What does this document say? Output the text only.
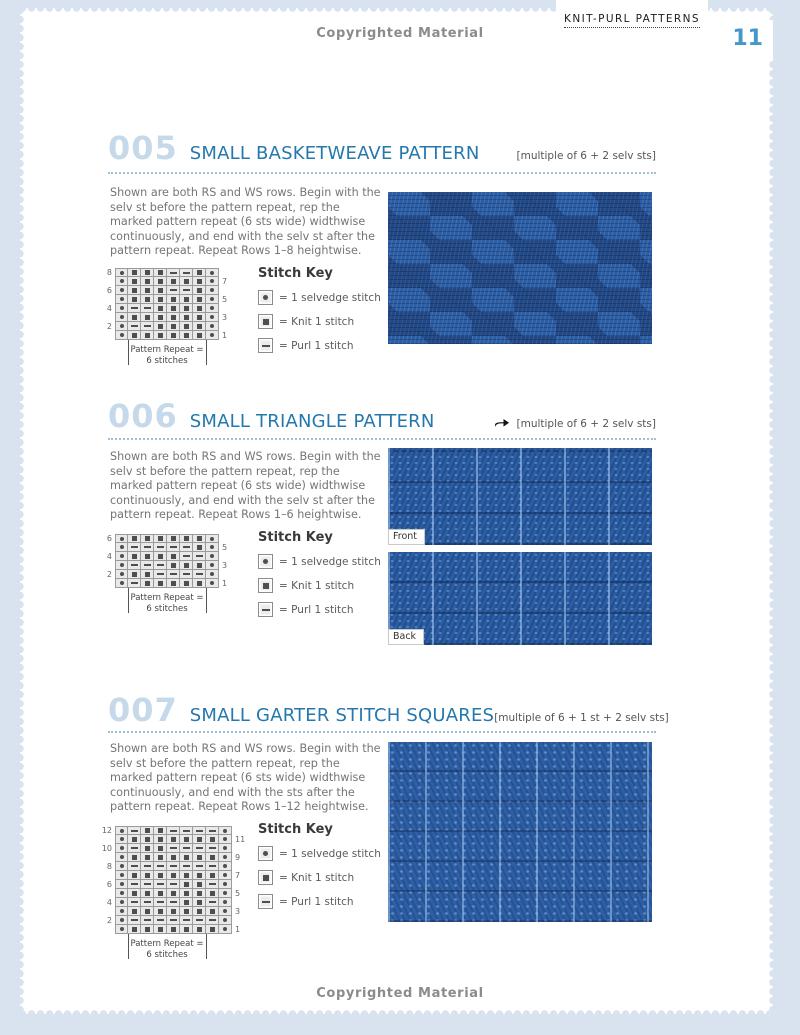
KNIT-PURL PATTERNS
11
Copyrighted Material
Copyrighted Material
005 SMALL BASKETWEAVE PATTERN	[multiple of 6 + 2 selv sts]

Shown are both RS and WS rows. Begin with the selv st before the pattern repeat, rep the marked pattern repeat (6 sts wide) widthwise continuously, and end with the selv st after the pattern repeat. Repeat Rows 1–8 heightwise.

8
7
6
5
4
3
2
1
Pattern Repeat =
6 stitches
Stitch Key
= 1 selvedge stitch
= Knit 1 stitch
= Purl 1 stitch
006 SMALL TRIANGLE PATTERN	[multiple of 6 + 2 selv sts]

Shown are both RS and WS rows. Begin with the selv st before the pattern repeat, rep the marked pattern repeat (6 sts wide) widthwise continuously, and end with the selv st after the pattern repeat. Repeat Rows 1–6 heightwise.

Front
Back
6
5
4
3
2
1
Pattern Repeat =
6 stitches
Stitch Key
= 1 selvedge stitch
= Knit 1 stitch
= Purl 1 stitch
007 SMALL GARTER STITCH SQUARES [multiple of 6 + 1 st + 2 selv sts]

Shown are both RS and WS rows. Begin with the selv st before the pattern repeat, rep the marked pattern repeat (6 sts wide) widthwise continuously, and end with the sts after the pattern repeat. Repeat Rows 1–12 heightwise.

12
11
10
9
8
7
6
5
4
3
2
1
Pattern Repeat =
6 stitches
Stitch Key
= 1 selvedge stitch
= Knit 1 stitch
= Purl 1 stitch
